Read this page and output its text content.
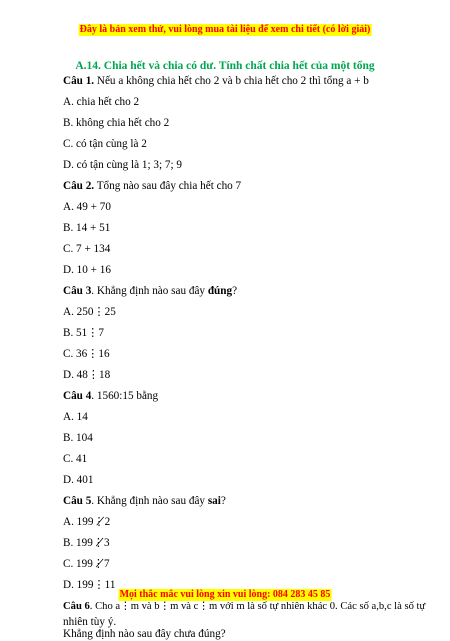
Đây là bản xem thử, vui lòng mua tài liệu để xem chi tiết (có lời giải)
A.14. Chia hết và chia có dư. Tính chất chia hết của một tổng
Câu 1. Nếu a không chia hết cho 2 và b chia hết cho 2 thì tổng a + b
A. chia hết cho 2
B. không chia hết cho 2
C. có tận cùng là 2
D. có tận cùng là 1; 3; 7; 9
Câu 2. Tổng nào sau đây chia hết cho 7
A. 49 + 70
B. 14 + 51
C. 7 + 134
D. 10 + 16
Câu 3. Khẳng định nào sau đây đúng?
A. 250⋮25
B. 51⋮7
C. 36⋮16
D. 48⋮18
Câu 4. 1560:15 bằng
A. 14
B. 104
C. 41
D. 401
Câu 5. Khẳng định nào sau đây sai?
A. 199⋮̸2
B. 199⋮̸3
C. 199⋮̸7
D. 199⋮11
Câu 6. Cho a⋮m và b⋮m và c⋮m với m là số tự nhiên khác 0. Các số a,b,c là số tự
nhiên tùy ý.
Khẳng định nào sau đây chưa đúng?
Mọi thắc mắc vui lòng xin vui lòng: 084 283 45 85
